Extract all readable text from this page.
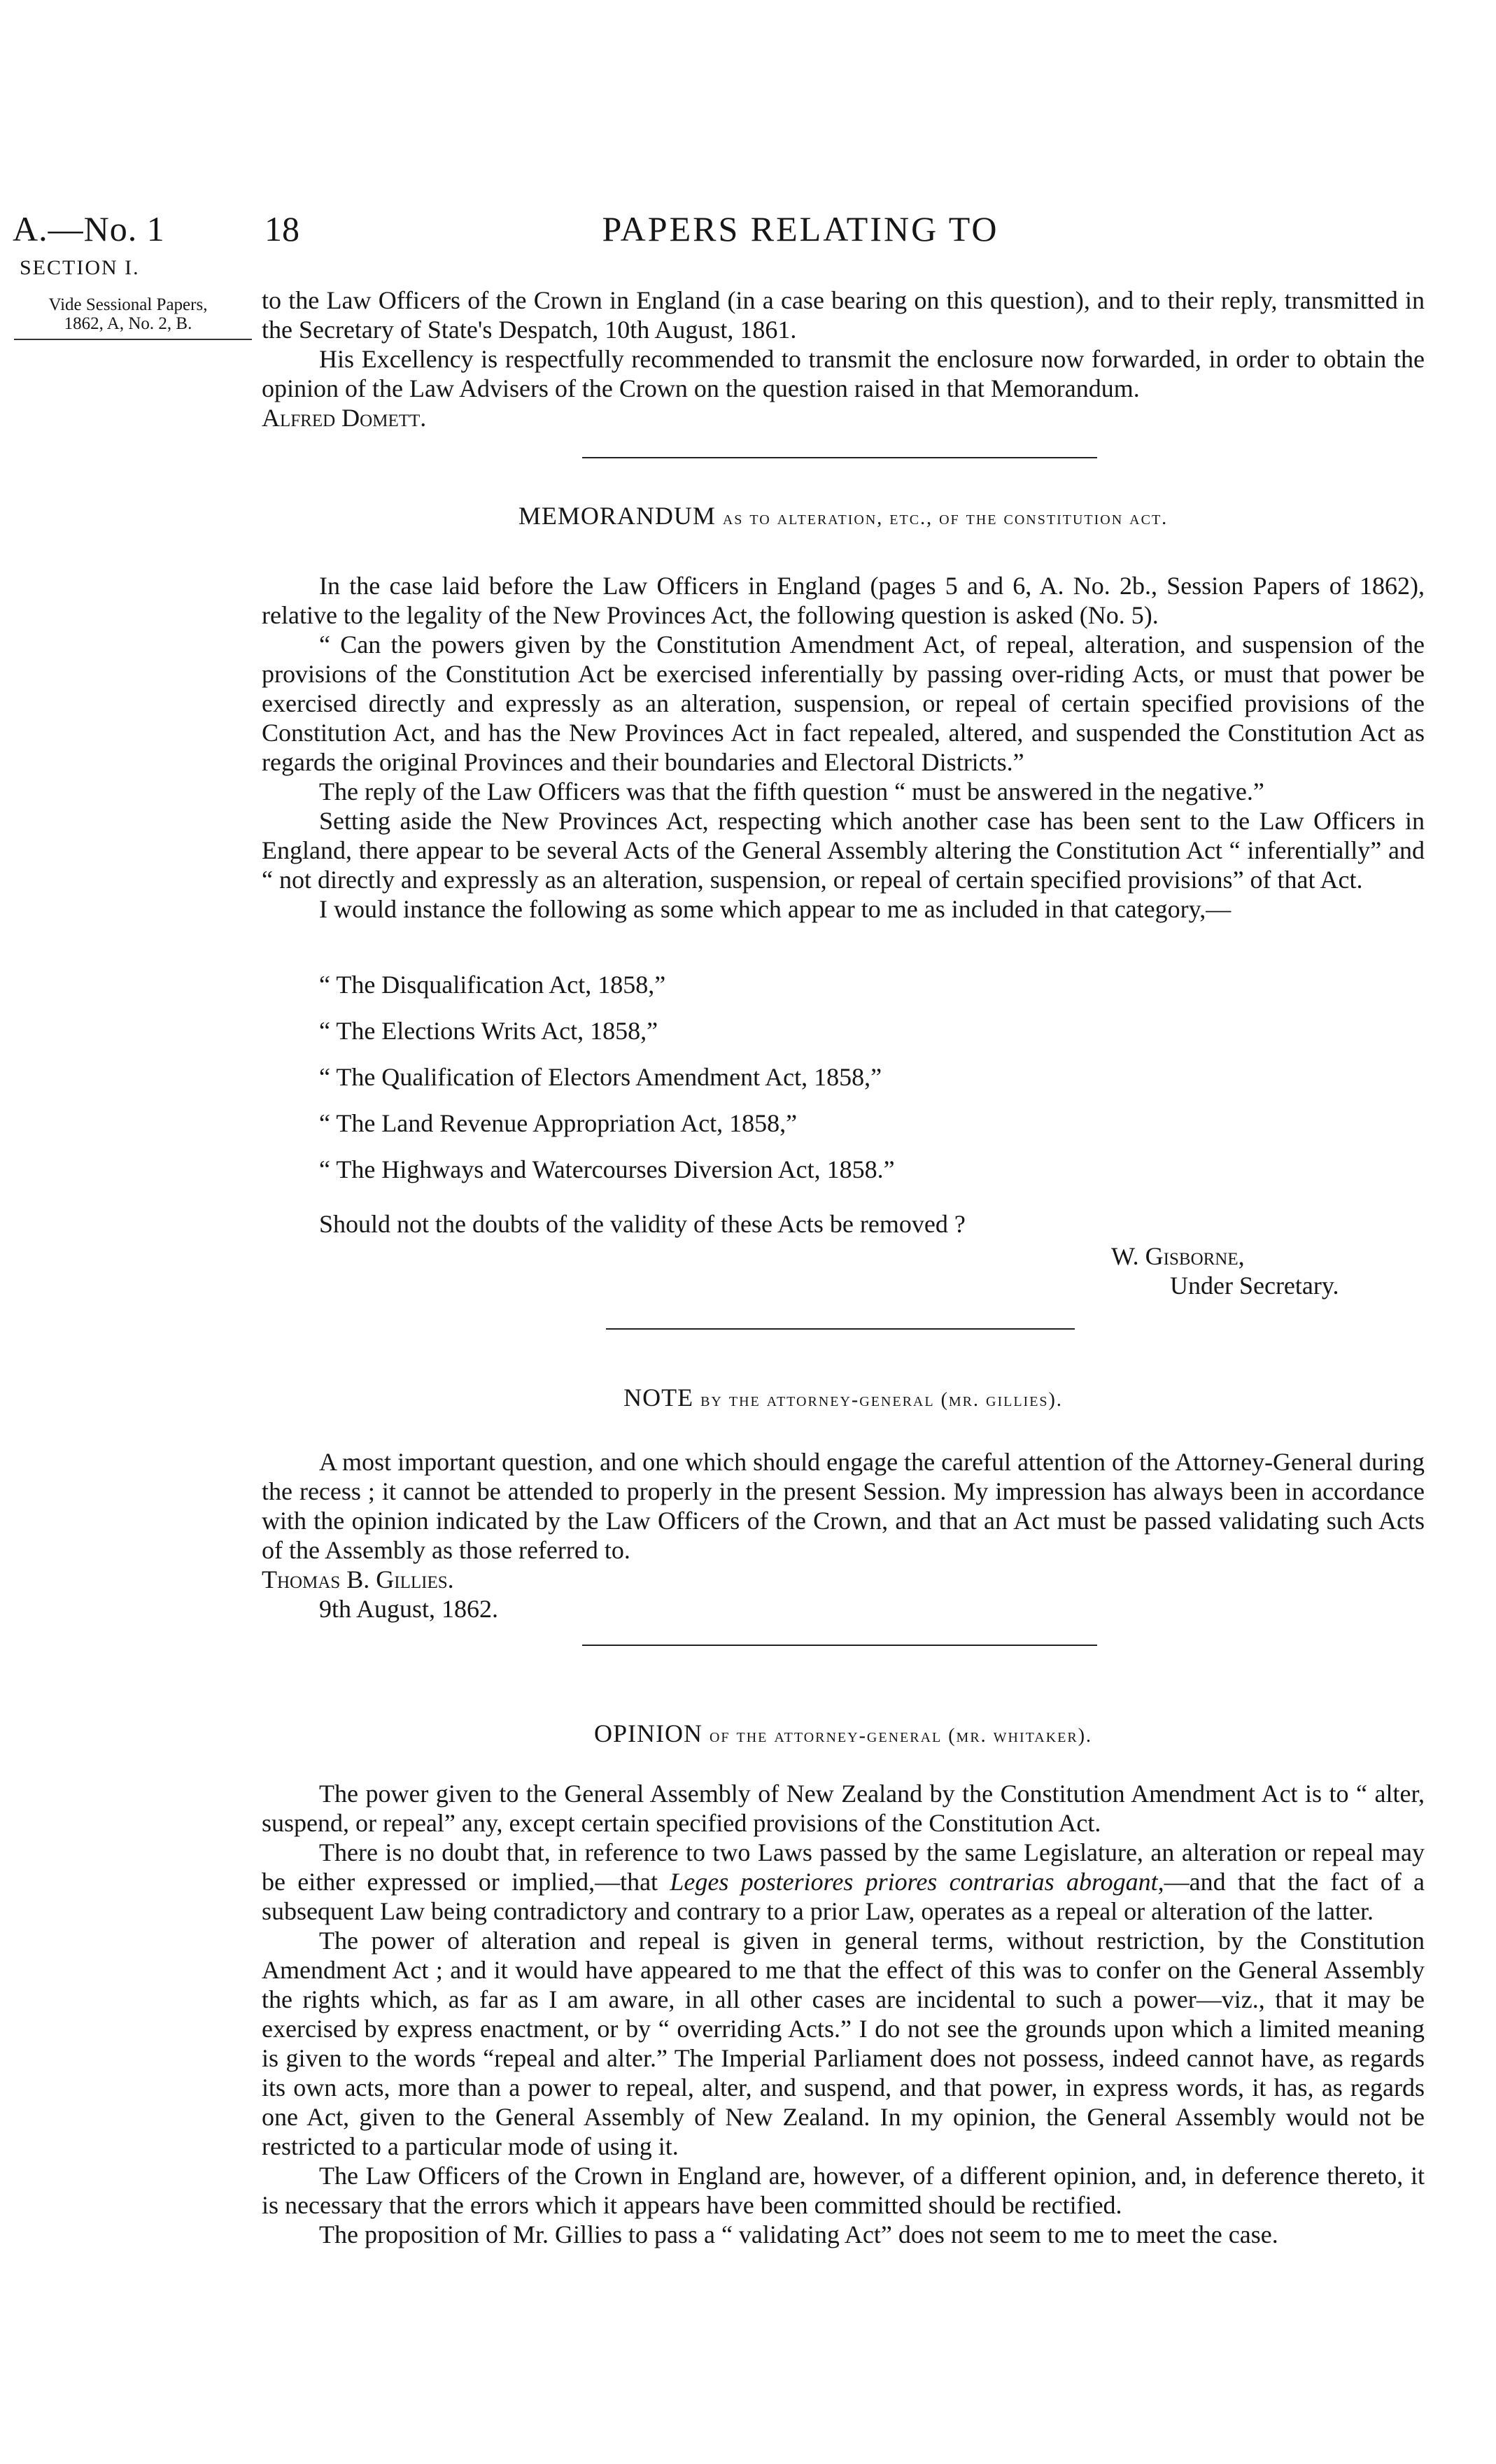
A.—No. 1	18	PAPERS RELATING TO
SECTION I.
Vide Sessional Papers,
1862, A, No. 2, B.

to the Law Officers of the Crown in England (in a case bearing on this question), and to their reply, transmitted in the Secretary of State's Despatch, 10th August, 1861.

His Excellency is respectfully recommended to transmit the enclosure now forwarded, in order to obtain the opinion of the Law Advisers of the Crown on the question raised in that Memorandum.

Alfred Domett.

MEMORANDUM as to alteration, etc., of the constitution act.

In the case laid before the Law Officers in England (pages 5 and 6, A. No. 2b., Session Papers of 1862), relative to the legality of the New Provinces Act, the following question is asked (No. 5).

“ Can the powers given by the Constitution Amendment Act, of repeal, alteration, and suspension of the provisions of the Constitution Act be exercised inferentially by passing over-riding Acts, or must that power be exercised directly and expressly as an alteration, suspension, or repeal of certain specified provisions of the Constitution Act, and has the New Provinces Act in fact repealed, altered, and suspended the Constitution Act as regards the original Provinces and their boundaries and Electoral Districts.”

The reply of the Law Officers was that the fifth question “ must be answered in the negative.”

Setting aside the New Provinces Act, respecting which another case has been sent to the Law Officers in England, there appear to be several Acts of the General Assembly altering the Constitution Act “ inferentially” and “ not directly and expressly as an alteration, suspension, or repeal of certain specified provisions” of that Act.

I would instance the following as some which appear to me as included in that category,—

“ The Disqualification Act, 1858,”
“ The Elections Writs Act, 1858,”
“ The Qualification of Electors Amendment Act, 1858,”
“ The Land Revenue Appropriation Act, 1858,”
“ The Highways and Watercourses Diversion Act, 1858.”

Should not the doubts of the validity of these Acts be removed ?

W. Gisborne,
Under Secretary.
NOTE by the attorney-general (mr. gillies).

A most important question, and one which should engage the careful attention of the Attorney-General during the recess ; it cannot be attended to properly in the present Session. My impression has always been in accordance with the opinion indicated by the Law Officers of the Crown, and that an Act must be passed validating such Acts of the Assembly as those referred to.

Thomas B. Gillies.

9th August, 1862.

OPINION of the attorney-general (mr. whitaker).

The power given to the General Assembly of New Zealand by the Constitution Amendment Act is to “ alter, suspend, or repeal” any, except certain specified provisions of the Constitution Act.

There is no doubt that, in reference to two Laws passed by the same Legislature, an alteration or repeal may be either expressed or implied,—that Leges posteriores priores contrarias abrogant,—and that the fact of a subsequent Law being contradictory and contrary to a prior Law, operates as a repeal or alteration of the latter.

The power of alteration and repeal is given in general terms, without restriction, by the Constitution Amendment Act ; and it would have appeared to me that the effect of this was to confer on the General Assembly the rights which, as far as I am aware, in all other cases are incidental to such a power—viz., that it may be exercised by express enactment, or by “ overriding Acts.” I do not see the grounds upon which a limited meaning is given to the words “repeal and alter.” The Imperial Parliament does not possess, indeed cannot have, as regards its own acts, more than a power to repeal, alter, and suspend, and that power, in express words, it has, as regards one Act, given to the General Assembly of New Zealand. In my opinion, the General Assembly would not be restricted to a particular mode of using it.

The Law Officers of the Crown in England are, however, of a different opinion, and, in deference thereto, it is necessary that the errors which it appears have been committed should be rectified.

The proposition of Mr. Gillies to pass a “ validating Act” does not seem to me to meet the case.
